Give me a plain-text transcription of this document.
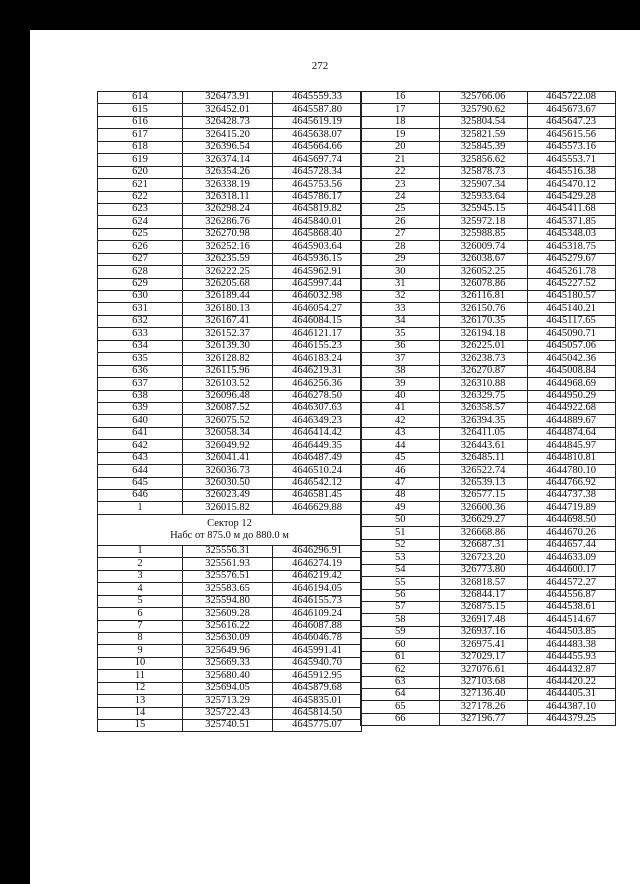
272
614	326473.91	4645559.33
615	326452.01	4645587.80
616	326428.73	4645619.19
617	326415.20	4645638.07
618	326396.54	4645664.66
619	326374.14	4645697.74
620	326354.26	4645728.34
621	326338.19	4645753.56
622	326318.11	4645786.17
623	326298.24	4645819.82
624	326286.76	4645840.01
625	326270.98	4645868.40
626	326252.16	4645903.64
627	326235.59	4645936.15
628	326222.25	4645962.91
629	326205.68	4645997.44
630	326189.44	4646032.98
631	326180.13	4646054.27
632	326167.41	4646084.15
633	326152.37	4646121.17
634	326139.30	4646155.23
635	326128.82	4646183.24
636	326115.96	4646219.31
637	326103.52	4646256.36
638	326096.48	4646278.50
639	326087.52	4646307.63
640	326075.52	4646349.23
641	326058.34	4646414.42
642	326049.92	4646449.35
643	326041.41	4646487.49
644	326036.73	4646510.24
645	326030.50	4646542.12
646	326023.49	4646581.45
1	326015.82	4646629.88

Сектор 12
Набс от 875.0 м до 880.0 м		

1	325556.31	4646296.91
2	325561.93	4646274.19
3	325576.51	4646219.42
4	325583.65	4646194.05
5	325594.80	4646155.73
6	325609.28	4646109.24
7	325616.22	4646087.88
8	325630.09	4646046.78
9	325649.96	4645991.41
10	325669.33	4645940.70
11	325680.40	4645912.95
12	325694.05	4645879.68
13	325713.29	4645835.01
14	325722.43	4645814.50
15	325740.51	4645775.07
16	325766.06	4645722.08
17	325790.62	4645673.67
18	325804.54	4645647.23
19	325821.59	4645615.56
20	325845.39	4645573.16
21	325856.62	4645553.71
22	325878.73	4645516.38
23	325907.34	4645470.12
24	325933.64	4645429.28
25	325945.15	4645411.68
26	325972.18	4645371.85
27	325988.85	4645348.03
28	326009.74	4645318.75
29	326038.67	4645279.67
30	326052.25	4645261.78
31	326078.86	4645227.52
32	326116.81	4645180.57
33	326150.76	4645140.21
34	326170.35	4645117.65
35	326194.18	4645090.71
36	326225.01	4645057.06
37	326238.73	4645042.36
38	326270.87	4645008.84
39	326310.88	4644968.69
40	326329.75	4644950.29
41	326358.57	4644922.68
42	326394.35	4644889.67
43	326411.05	4644874.64
44	326443.61	4644845.97
45	326485.11	4644810.81
46	326522.74	4644780.10
47	326539.13	4644766.92
48	326577.15	4644737.38
49	326600.36	4644719.89
50	326629.27	4644698.50
51	326668.86	4644670.26
52	326687.31	4644657.44
53	326723.20	4644633.09
54	326773.80	4644600.17
55	326818.57	4644572.27
56	326844.17	4644556.87
57	326875.15	4644538.61
58	326917.48	4644514.67
59	326937.16	4644503.85
60	326975.41	4644483.38
61	327029.17	4644455.93
62	327076.61	4644432.87
63	327103.68	4644420.22
64	327136.40	4644405.31
65	327178.26	4644387.10
66	327196.77	4644379.25
